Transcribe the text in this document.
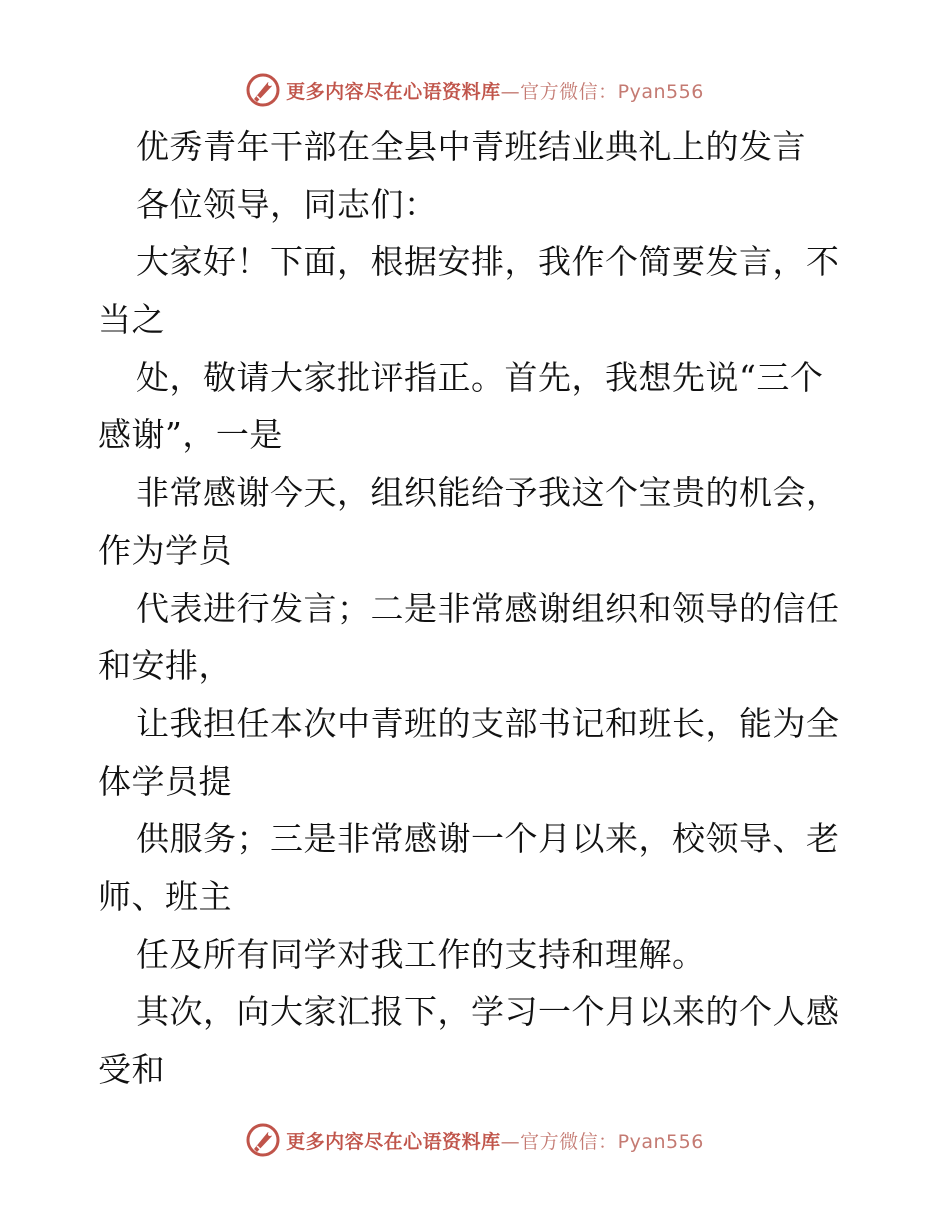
更多内容尽在心语资料库—官方微信：Pyan556
优秀青年干部在全县中青班结业典礼上的发言
各位领导，同志们：
大家好！下面，根据安排，我作个简要发言，不
当之
处，敬请大家批评指正。首先，我想先说“三个
感谢”，一是
非常感谢今天，组织能给予我这个宝贵的机会，
作为学员
代表进行发言；二是非常感谢组织和领导的信任
和安排，
让我担任本次中青班的支部书记和班长，能为全
体学员提
供服务；三是非常感谢一个月以来，校领导、老
师、班主
任及所有同学对我工作的支持和理解。
其次，向大家汇报下，学习一个月以来的个人感
受和
更多内容尽在心语资料库—官方微信：Pyan556
